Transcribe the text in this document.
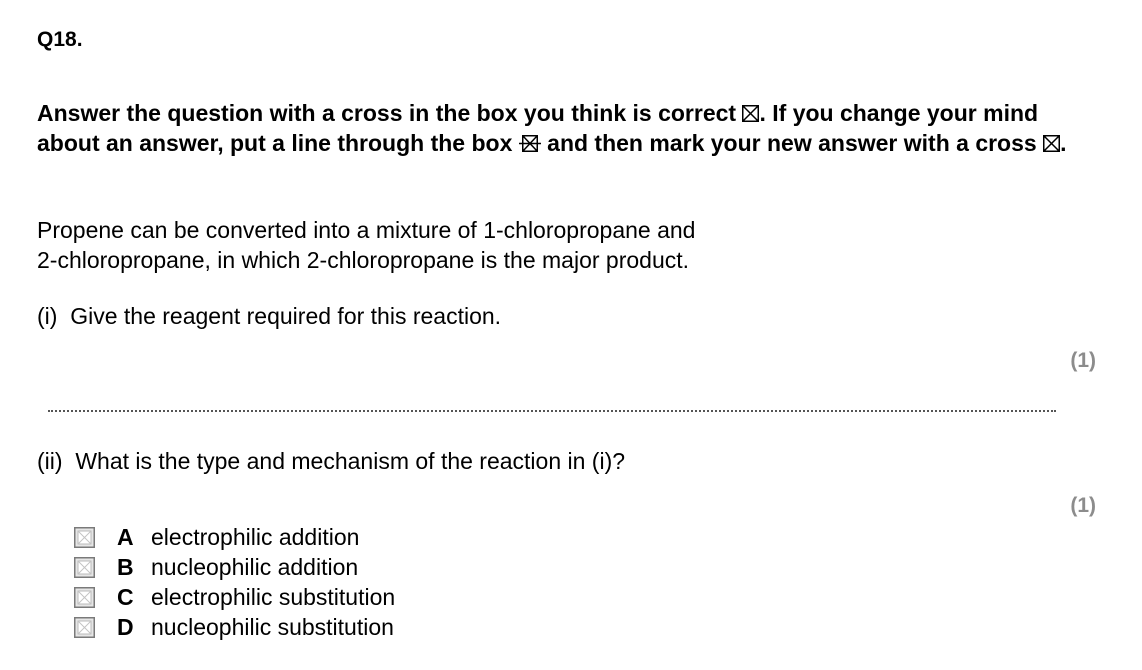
Q18.
Answer the question with a cross in the box you think is correct ☒. If you change your mind about an answer, put a line through the box
and then mark your new answer with a cross ☒.
Propene can be converted into a mixture of 1-chloropropane and
2-chloropropane, in which 2-chloropropane is the major product.
(i)  Give the reagent required for this reaction.
(1)
(ii)  What is the type and mechanism of the reaction in (i)?
(1)
A electrophilic addition
B nucleophilic addition
C electrophilic substitution
D nucleophilic substitution
